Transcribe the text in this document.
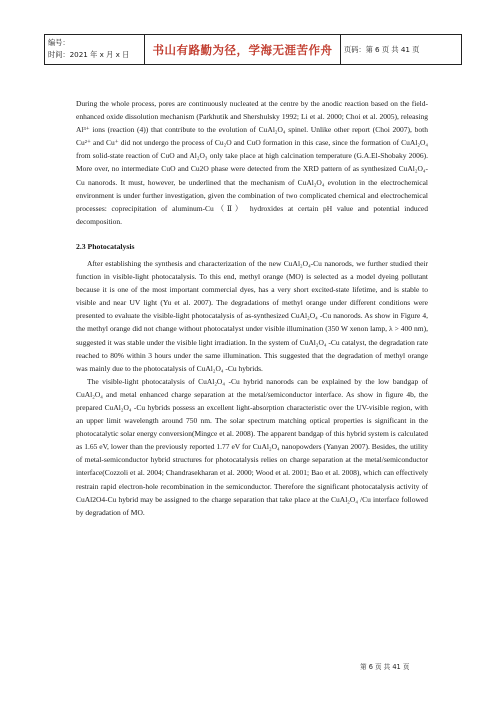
编号：
时间：2021 年 x 月 x 日	书山有路勤为径，学海无涯苦作舟	页码：第 6 页 共 41 页

During the whole process, pores are continuously nucleated at the centre by the anodic reaction based on the field-enhanced oxide dissolution mechanism (Parkhutik and Shershulsky 1992; Li et al. 2000; Choi et al. 2005), releasing Al³⁺ ions (reaction (4)) that contribute to the evolution of CuAl₂O₄ spinel. Unlike other report (Choi 2007), both Cu²⁺ and Cu⁺ did not undergo the process of Cu₂O and CuO formation in this case, since the formation of CuAl₂O₄ from solid-state reaction of CuO and Al₂O₃ only take place at high calcination temperature (G.A.El-Shobaky 2006). More over, no intermediate CuO and Cu2O phase were detected from the XRD pattern of as synthesized CuAl₂O₄-Cu nanorods. It must, however, be underlined that the mechanism of CuAl₂O₄ evolution in the electrochemical environment is under further investigation, given the combination of two complicated chemical and electrochemical processes: coprecipitation of aluminum-Cu（Ⅱ） hydroxides at certain pH value and potential induced decomposition.

2.3 Photocatalysis

After establishing the synthesis and characterization of the new CuAl₂O₄-Cu nanorods, we further studied their function in visible-light photocatalysis. To this end, methyl orange (MO) is selected as a model dyeing pollutant because it is one of the most important commercial dyes, has a very short excited-state lifetime, and is stable to visible and near UV light (Yu et al. 2007). The degradations of methyl orange under different conditions were presented to evaluate the visible-light photocatalysis of as-synthesized CuAl₂O₄ -Cu nanorods. As show in Figure 4, the methyl orange did not change without photocatalyst under visible illumination (350 W xenon lamp, λ > 400 nm), suggested it was stable under the visible light irradiation. In the system of CuAl₂O₄ -Cu catalyst, the degradation rate reached to 80% within 3 hours under the same illumination. This suggested that the degradation of methyl orange was mainly due to the photocatalysis of CuAl₂O₄ -Cu hybrids.

The visible-light photocatalysis of CuAl₂O₄ -Cu hybrid nanorods can be explained by the low bandgap of CuAl₂O₄ and metal enhanced charge separation at the metal/semiconductor interface. As show in figure 4b, the prepared CuAl₂O₄ -Cu hybrids possess an excellent light-absorption characteristic over the UV-visible region, with an upper limit wavelength around 750 nm. The solar spectrum matching optical properties is significant in the photocatalytic solar energy conversion(Mingce et al. 2008). The apparent bandgap of this hybrid system is calculated as 1.65 eV, lower than the previously reported 1.77 eV for CuAl₂O₄ nanopowders (Yanyan 2007). Besides, the utility of metal-semiconductor hybrid structures for photocatalysis relies on charge separation at the metal/semiconductor interface(Cozzoli et al. 2004; Chandrasekharan et al. 2000; Wood et al. 2001; Bao et al. 2008), which can effectively restrain rapid electron-hole recombination in the semiconductor. Therefore the significant photocatalysis activity of CuAl2O4-Cu hybrid may be assigned to the charge separation that take place at the CuAl₂O₄ /Cu interface followed by degradation of MO.

第 6 页 共 41 页
